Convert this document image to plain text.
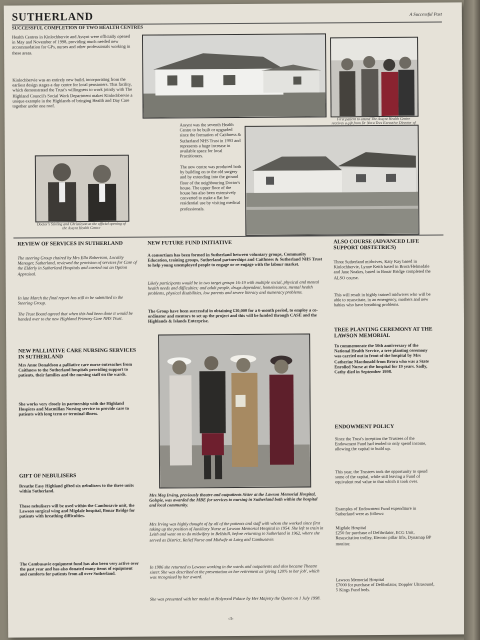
SUTHERLAND	A Successful Past
SUCCESSFUL COMPLETION OF TWO HEALTH CENTRES
Health Centres in Kinlochbervie and Assynt were officially opened in May and November of 1998, providing much needed new accommodation for GPs, nurses and other professionals working in these areas.
Kinlochbervie was an entirely new build, incorporating from the earliest design stages a day centre for local pensioners. This facility, which demonstrated the Trust's willingness to work jointly with The Highland Council's Social Work Department makes Kinlochbervie a unique example in the Highlands of bringing Health and Day Care together under one roof.
Doctor's Stirling and Christieson at the official opening of the Assynt Health Centre
First patient to attend The Assynt Health Centre receives a gift from Dr Nora Tees Executive Director of
Assynt was the seventh Health Centre to be built or upgraded since the formation of Caithness & Sutherland NHS Trust in 1993 and represents a huge increase in available space for local Practitioners.
The new centre was produced both by building on to the old surgery and by extending into the ground floor of the neighbouring Doctor's house. The upper floor of the house has also been extensively converted to make a flat for residential use by visiting medical professionals.
REVIEW OF SERVICES IN SUTHERLAND
The steering Group chaired by Mrs Ella Robertson, Locality Manager, Sutherland, reviewed the provision of services for Care of the Elderly in Sutherland Hospitals and carried out an Option Appraisal.
In late March the final report has still to be submitted to the Steering Group.
The Trust Board agreed that when this had been done it would be handed over to the new Highland Primary Care NHS Trust.
NEW PALLIATIVE CARE NURSING SERVICES IN SUTHERLAND
Mrs Anne Donaldson a palliative care nurse outreaches from Caithness to the Sutherland hospitals providing support to patients, their families and the nursing staff on the wards.
She works very closely in partnership with the Highland Hospices and Macmillan Nursing service to provide care to patients with long term or terminal illness.
GIFT OF NEBULISERS
Breathe Easy Highland gifted six nebulisers to the three units within Sutherland.
These nebulisers will be used within the Cambusavie unit, the Lawson surgical wing and Migdale hospital, Bonar Bridge for patients with breathing difficulties.
The Cambusavie equipment fund has also been very active over the past year and has also donated many items of equipment and comforts for patients from all over Sutherland.
NEW FUTURE FUND INITIATIVE
A consortium has been formed in Sutherland between voluntary groups, Community Education, training groups, Sutherland partnerships and Caithness & Sutherland NHS Trust to help young unemployed people to engage or re-engage with the labour market.
Likely participants would be in two target groups 16-19 with multiple social, physical and mental health needs and difficulties; and adult people, drugs dependent, homelessness, mental health problems, physical disabilities, low parents and severe literacy and numeracy problems.
The Group have been successful in obtaining £30,000 for a 6-month period, to employ a co-ordinator and mentors to set up the project and this will be funded through CASE and the Highlands & Islands Enterprise.
Mrs Meg Irving, previously theatre and outpatients Sister at the Lawson Memorial Hospital, Golspie, was awarded the MBE for services to nursing in Sutherland both within the hospital and local community.
Mrs Irving was highly thought of by all of the patients and staff with whom she worked since first taking up the position of Auxiliary Nurse at Lawson Memorial Hospital in 1954. She left to train in Leith and went on to do midwifery in Bellshill, before returning to Sutherland in 1962, where she served as District, Relief Nurse and Midwife at Lairg and Cambusavie.
In 1986 she returned to Lawson working in the wards and outpatients and also became Theatre sister. She was described at the presentation as her retirement as 'giving 120% to her job', which was recognised by her award.
She was presented with her medal at Holyrood Palace by Her Majesty the Queen on 1 July 1998.
ALSO COURSE (ADVANCED LIFE SUPPORT OBSTETRICS)
Three Sutherland midwives, Katy Kay based in Kinlochbervie, Lynne Keith based in Brora/Helmsdale and Jane Noakes, based in Bonar Bridge completed the ALSO course.
This will result in highly trained midwives who will be able to resuscitate, in an emergency, mothers and new babies who have breathing problems.
TREE PLANTING CEREMONY AT THE LAWSON MEMORIAL
To commemorate the 50th anniversary of the National Health Service, a tree planting ceremony was carried out in front of the hospital by Mrs Catherine Macdonald from Brora who was a State Enrolled Nurse at the hospital for 19 years. Sadly, Cathy died in September 1998.
ENDOWMENT POLICY
Since the Trust's inception the Trustees of the Endowment Fund had tended to only spend income, allowing the capital to build up.
This year, the Trustees took the opportunity to spend some of the capital, while still leaving a Fund of equivalent real value to that which it took over.
Examples of Endowment Fund expenditure in Sutherland were as follows:
Migdale Hospital
£250 for purchase of Defibrilator, ECG Unit, Resuscitation trolley, Electric pillar lifts, Dynamap BP monitor.
Lawson Memorial Hospital
£7000 for purchase of Defibrilator, Doppler Ultrasound, 5 Kings Fund beds.
-3-
